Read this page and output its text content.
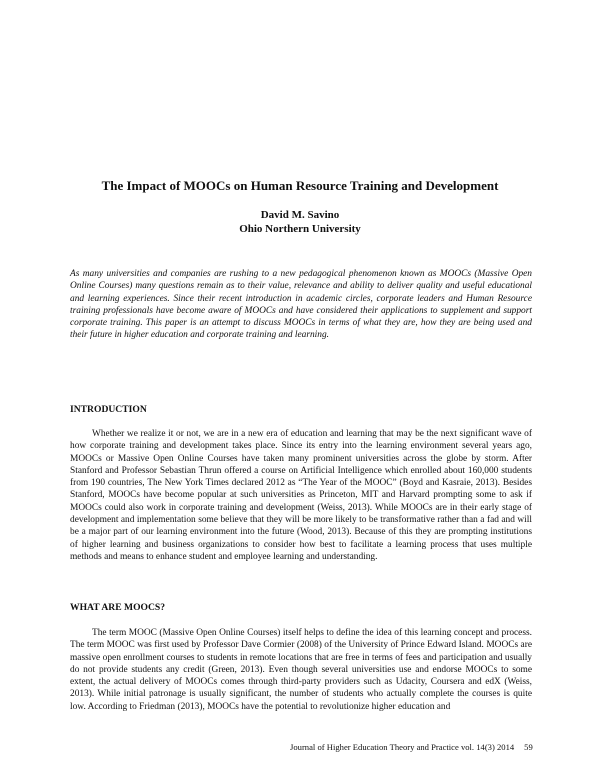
The Impact of MOOCs on Human Resource Training and Development
David M. Savino
Ohio Northern University

As many universities and companies are rushing to a new pedagogical phenomenon known as MOOCs (Massive Open Online Courses) many questions remain as to their value, relevance and ability to deliver quality and useful educational and learning experiences. Since their recent introduction in academic circles, corporate leaders and Human Resource training professionals have become aware of MOOCs and have considered their applications to supplement and support corporate training. This paper is an attempt to discuss MOOCs in terms of what they are, how they are being used and their future in higher education and corporate training and learning.

INTRODUCTION

Whether we realize it or not, we are in a new era of education and learning that may be the next significant wave of how corporate training and development takes place. Since its entry into the learning environment several years ago, MOOCs or Massive Open Online Courses have taken many prominent universities across the globe by storm. After Stanford and Professor Sebastian Thrun offered a course on Artificial Intelligence which enrolled about 160,000 students from 190 countries, The New York Times declared 2012 as “The Year of the MOOC” (Boyd and Kasraie, 2013). Besides Stanford, MOOCs have become popular at such universities as Princeton, MIT and Harvard prompting some to ask if MOOCs could also work in corporate training and development (Weiss, 2013). While MOOCs are in their early stage of development and implementation some believe that they will be more likely to be transformative rather than a fad and will be a major part of our learning environment into the future (Wood, 2013). Because of this they are prompting institutions of higher learning and business organizations to consider how best to facilitate a learning process that uses multiple methods and means to enhance student and employee learning and understanding.

WHAT ARE MOOCS?

The term MOOC (Massive Open Online Courses) itself helps to define the idea of this learning concept and process. The term MOOC was first used by Professor Dave Cormier (2008) of the University of Prince Edward Island. MOOCs are massive open enrollment courses to students in remote locations that are free in terms of fees and participation and usually do not provide students any credit (Green, 2013). Even though several universities use and endorse MOOCs to some extent, the actual delivery of MOOCs comes through third-party providers such as Udacity, Coursera and edX (Weiss, 2013). While initial patronage is usually significant, the number of students who actually complete the courses is quite low. According to Friedman (2013), MOOCs have the potential to revolutionize higher education and

Journal of Higher Education Theory and Practice vol. 14(3) 2014 59
